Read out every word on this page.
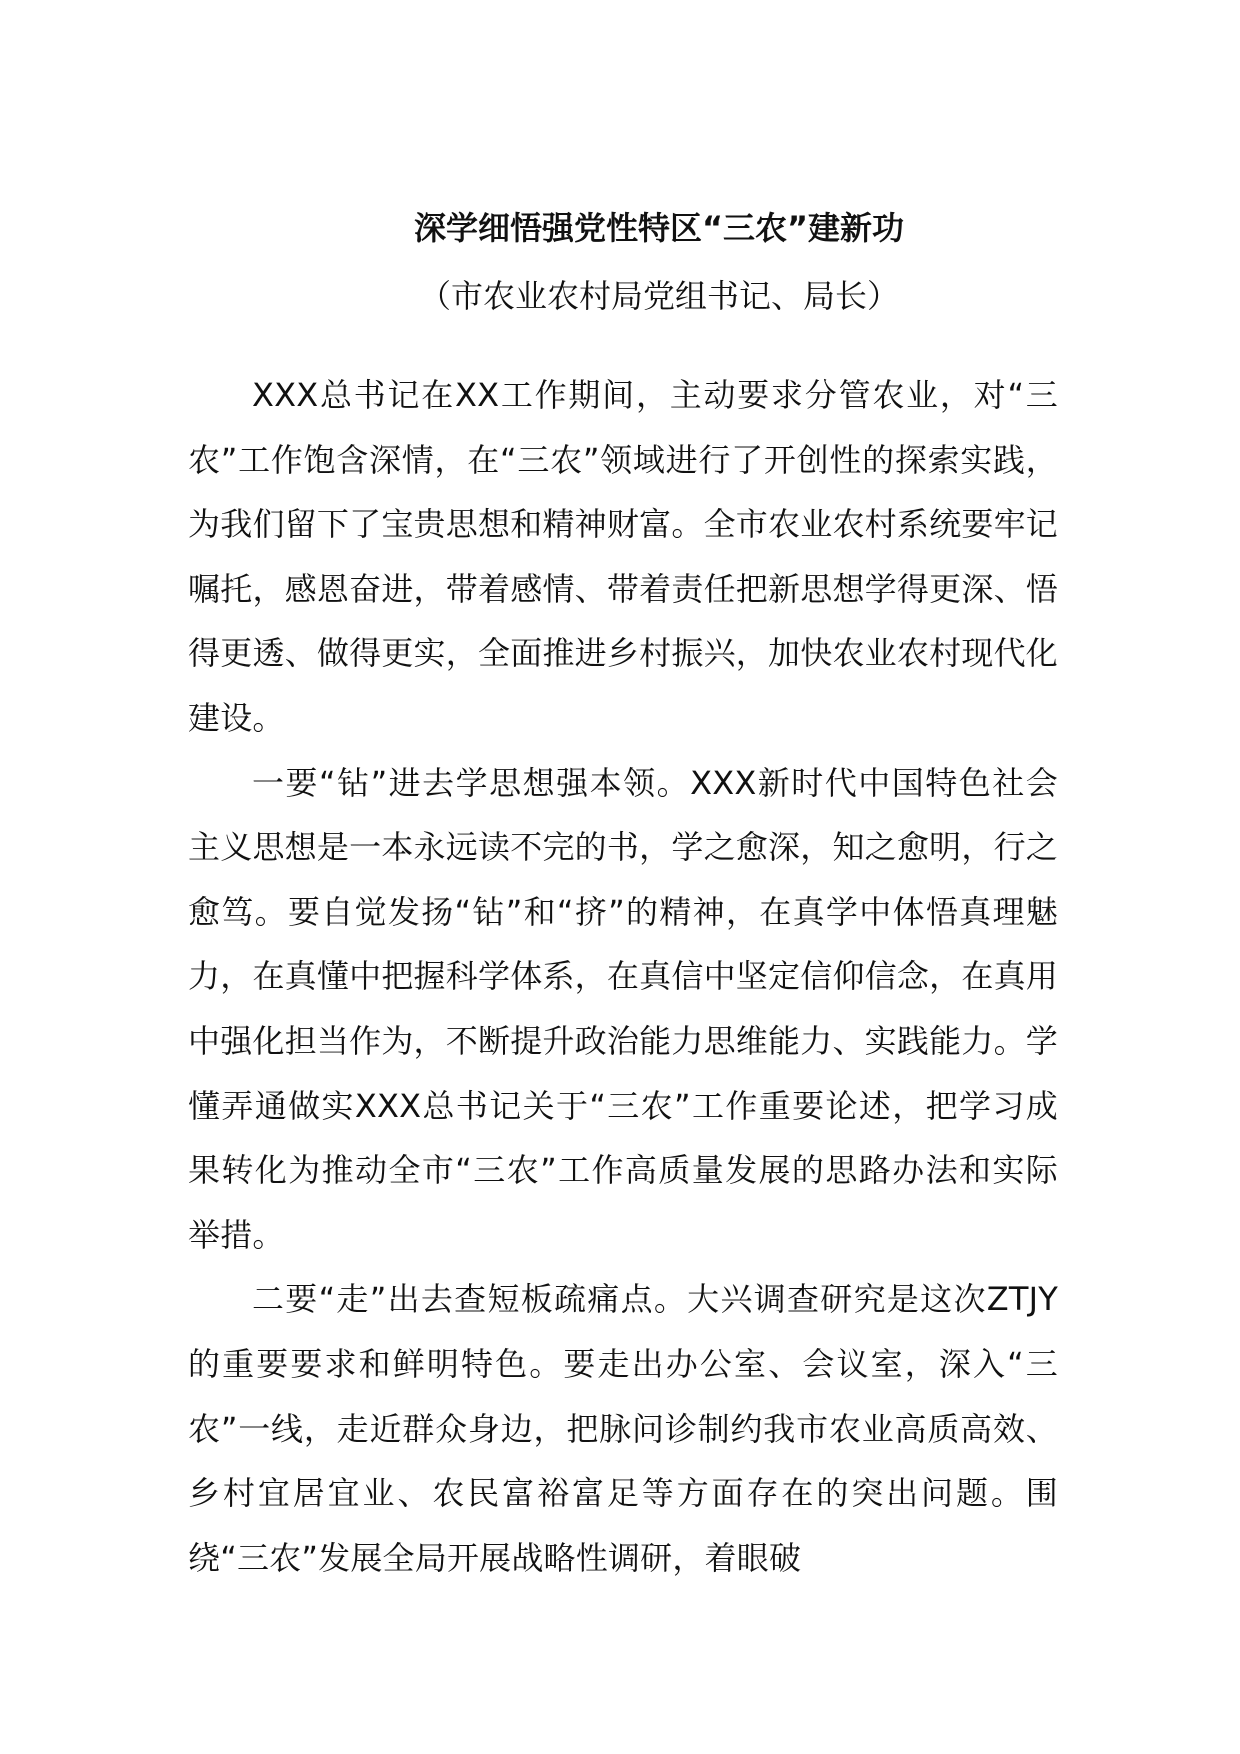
深学细悟强党性特区“三农”建新功

（市农业农村局党组书记、局长）

XXX总书记在XX工作期间，主动要求分管农业，对“三农”工作饱含深情，在“三农”领域进行了开创性的探索实践，为我们留下了宝贵思想和精神财富。全市农业农村系统要牢记嘱托，感恩奋进，带着感情、带着责任把新思想学得更深、悟得更透、做得更实，全面推进乡村振兴，加快农业农村现代化建设。

一要“钻”进去学思想强本领。XXX新时代中国特色社会主义思想是一本永远读不完的书，学之愈深，知之愈明，行之愈笃。要自觉发扬“钻”和“挤”的精神，在真学中体悟真理魅力，在真懂中把握科学体系，在真信中坚定信仰信念，在真用中强化担当作为，不断提升政治能力思维能力、实践能力。学懂弄通做实XXX总书记关于“三农”工作重要论述，把学习成果转化为推动全市“三农”工作高质量发展的思路办法和实际举措。

二要“走”出去查短板疏痛点。大兴调查研究是这次ZTJY的重要要求和鲜明特色。要走出办公室、会议室，深入“三农”一线，走近群众身边，把脉问诊制约我市农业高质高效、乡村宜居宜业、农民富裕富足等方面存在的突出问题。围绕“三农”发展全局开展战略性调研，着眼破
